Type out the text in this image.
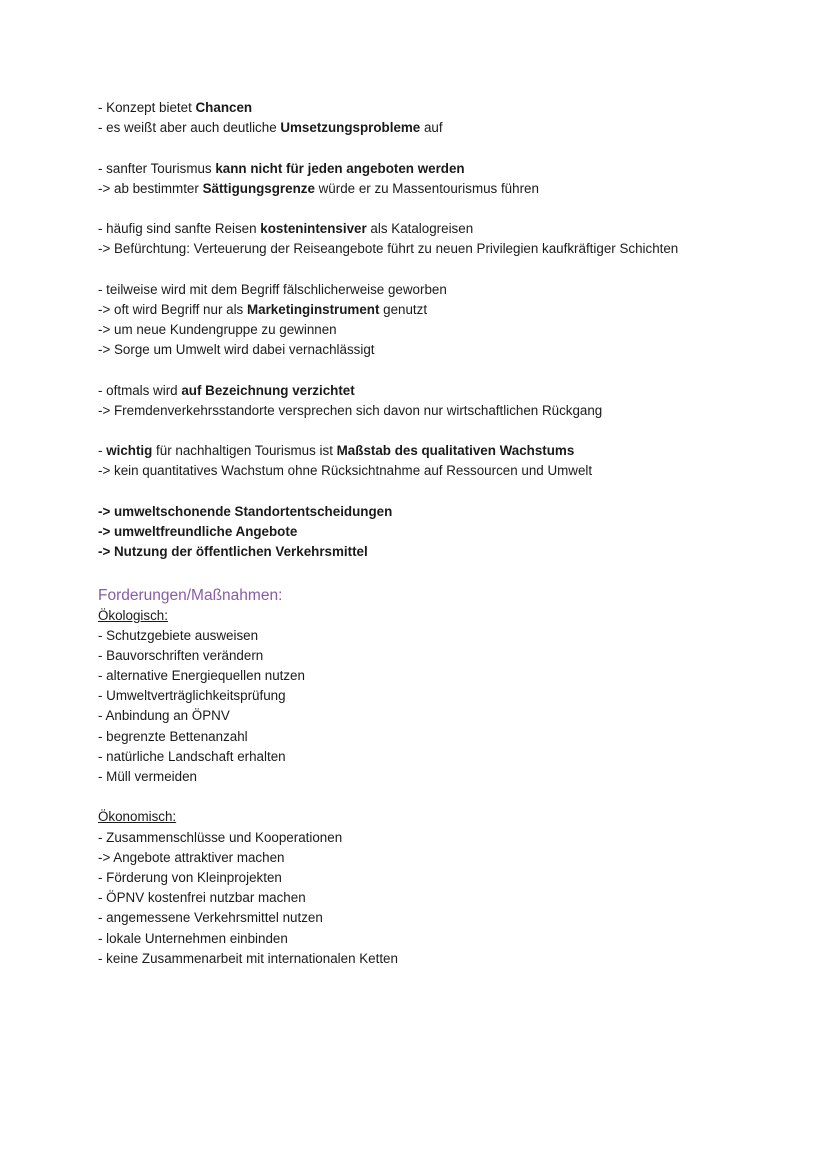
- Konzept bietet Chancen
- es weißt aber auch deutliche Umsetzungsprobleme auf
- sanfter Tourismus kann nicht für jeden angeboten werden
-> ab bestimmter Sättigungsgrenze würde er zu Massentourismus führen
- häufig sind sanfte Reisen kostenintensiver als Katalogreisen
-> Befürchtung: Verteuerung der Reiseangebote führt zu neuen Privilegien kaufkräftiger Schichten
- teilweise wird mit dem Begriff fälschlicherweise geworben
-> oft wird Begriff nur als Marketinginstrument genutzt
-> um neue Kundengruppe zu gewinnen
-> Sorge um Umwelt wird dabei vernachlässigt
- oftmals wird auf Bezeichnung verzichtet
-> Fremdenverkehrsstandorte versprechen sich davon nur wirtschaftlichen Rückgang
- wichtig für nachhaltigen Tourismus ist Maßstab des qualitativen Wachstums
-> kein quantitatives Wachstum ohne Rücksichtnahme auf Ressourcen und Umwelt
-> umweltschonende Standortentscheidungen
-> umweltfreundliche Angebote
-> Nutzung der öffentlichen Verkehrsmittel
Forderungen/Maßnahmen:
Ökologisch:
- Schutzgebiete ausweisen
- Bauvorschriften verändern
- alternative Energiequellen nutzen
- Umweltverträglichkeitsprüfung
- Anbindung an ÖPNV
- begrenzte Bettenanzahl
- natürliche Landschaft erhalten
- Müll vermeiden
Ökonomisch:
- Zusammenschlüsse und Kooperationen
-> Angebote attraktiver machen
- Förderung von Kleinprojekten
- ÖPNV kostenfrei nutzbar machen
- angemessene Verkehrsmittel nutzen
- lokale Unternehmen einbinden
- keine Zusammenarbeit mit internationalen Ketten
